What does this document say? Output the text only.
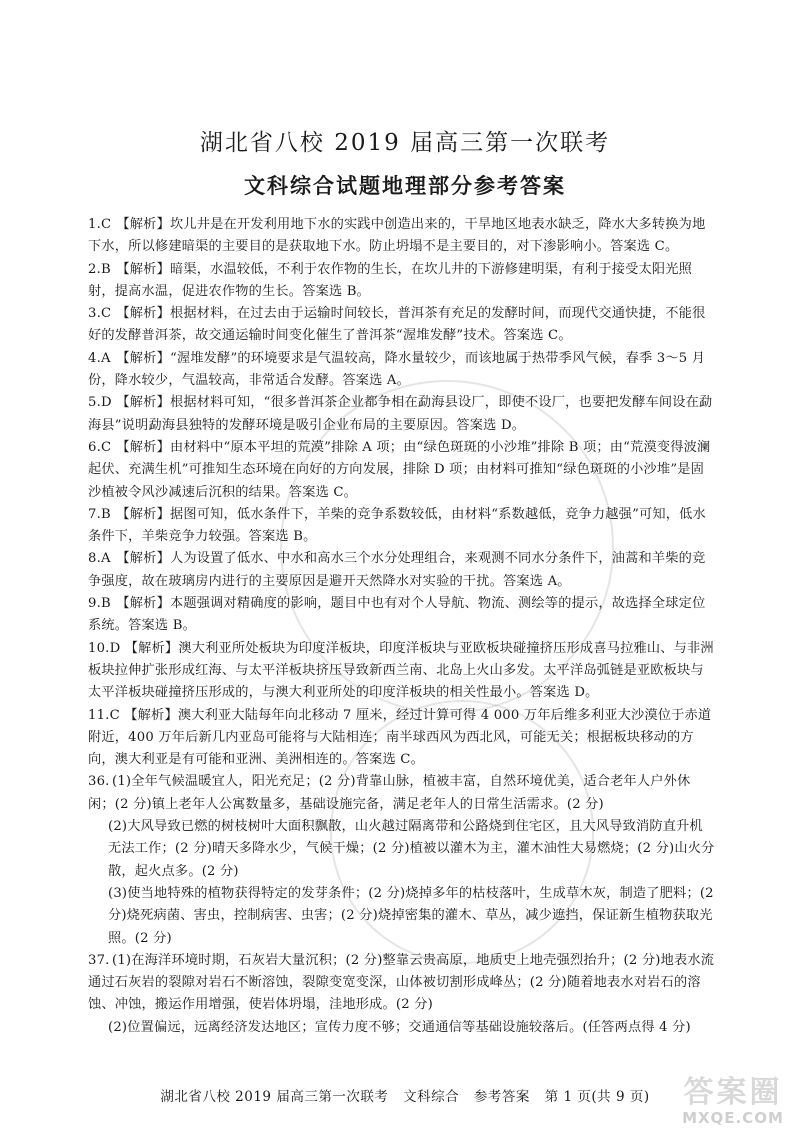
湖北省八校 2019 届高三第一次联考
文科综合试题地理部分参考答案

1.C 【解析】坎儿井是在开发利用地下水的实践中创造出来的，干旱地区地表水缺乏，降水大多转换为地下水，所以修建暗渠的主要目的是获取地下水。防止坍塌不是主要目的，对下渗影响小。答案选 C。

2.B 【解析】暗渠，水温较低，不利于农作物的生长，在坎儿井的下游修建明渠，有利于接受太阳光照射，提高水温，促进农作物的生长。答案选 B。

3.C 【解析】根据材料，在过去由于运输时间较长，普洱茶有充足的发酵时间，而现代交通快捷，不能很好的发酵普洱茶，故交通运输时间变化催生了普洱茶“渥堆发酵”技术。答案选 C。

4.A 【解析】“渥堆发酵”的环境要求是气温较高，降水量较少，而该地属于热带季风气候，春季 3～5 月份，降水较少，气温较高，非常适合发酵。答案选 A。

5.D 【解析】根据材料可知，“很多普洱茶企业都争相在勐海县设厂，即使不设厂，也要把发酵车间设在勐海县”说明勐海县独特的发酵环境是吸引企业布局的主要原因。答案选 D。

6.C 【解析】由材料中“原本平坦的荒漠”排除 A 项；由“绿色斑斑的小沙堆”排除 B 项；由“荒漠变得波澜起伏、充满生机”可推知生态环境在向好的方向发展，排除 D 项；由材料可推知“绿色斑斑的小沙堆”是固沙植被令风沙减速后沉积的结果。答案选 C。

7.B 【解析】据图可知，低水条件下，羊柴的竞争系数较低，由材料“系数越低，竞争力越强”可知，低水条件下，羊柴竞争力较强。答案选 B。

8.A 【解析】人为设置了低水、中水和高水三个水分处理组合，来观测不同水分条件下，油蒿和羊柴的竞争强度，故在玻璃房内进行的主要原因是避开天然降水对实验的干扰。答案选 A。

9.B 【解析】本题强调对精确度的影响，题目中也有对个人导航、物流、测绘等的提示，故选择全球定位系统。答案选 B。

10.D 【解析】澳大利亚所处板块为印度洋板块，印度洋板块与亚欧板块碰撞挤压形成喜马拉雅山、与非洲板块拉伸扩张形成红海、与太平洋板块挤压导致新西兰南、北岛上火山多发。太平洋岛弧链是亚欧板块与太平洋板块碰撞挤压形成的，与澳大利亚所处的印度洋板块的相关性最小。答案选 D。

11.C 【解析】澳大利亚大陆每年向北移动 7 厘米，经过计算可得 4 000 万年后维多利亚大沙漠位于赤道附近，400 万年后新几内亚岛可能将与大陆相连；南半球西风为西北风，可能无关；根据板块移动的方向，澳大利亚是有可能和亚洲、美洲相连的。答案选 C。

36. (1)全年气候温暖宜人，阳光充足；(2 分)背靠山脉，植被丰富，自然环境优美，适合老年人户外休闲；(2 分)镇上老年人公寓数量多，基础设施完备，满足老年人的日常生活需求。(2 分)

(2)大风导致已燃的树枝树叶大面积飘散，山火越过隔离带和公路烧到住宅区，且大风导致消防直升机无法工作；(2 分)晴天多降水少，气候干燥；(2 分)植被以灌木为主，灌木油性大易燃烧；(2 分)山火分散，起火点多。(2 分)

(3)使当地特殊的植物获得特定的发芽条件；(2 分)烧掉多年的枯枝落叶，生成草木灰，制造了肥料；(2 分)烧死病菌、害虫，控制病害、虫害；(2 分)烧掉密集的灌木、草丛，减少遮挡，保证新生植物获取光照。(2 分)

37. (1)在海洋环境时期，石灰岩大量沉积；(2 分)整靠云贵高原，地质史上地壳强烈抬升；(2 分)地表水流通过石灰岩的裂隙对岩石不断溶蚀，裂隙变宽变深，山体被切割形成峰丛；(2 分)随着地表水对岩石的溶蚀、冲蚀，搬运作用增强，使岩体坍塌，洼地形成。(2 分)

(2)位置偏远，远离经济发达地区；宣传力度不够；交通通信等基础设施较落后。(任答两点得 4 分)

湖北省八校 2019 届高三第一次联考 文科综合 参考答案 第 1 页(共 9 页)	答案圈
MXQE.COM
